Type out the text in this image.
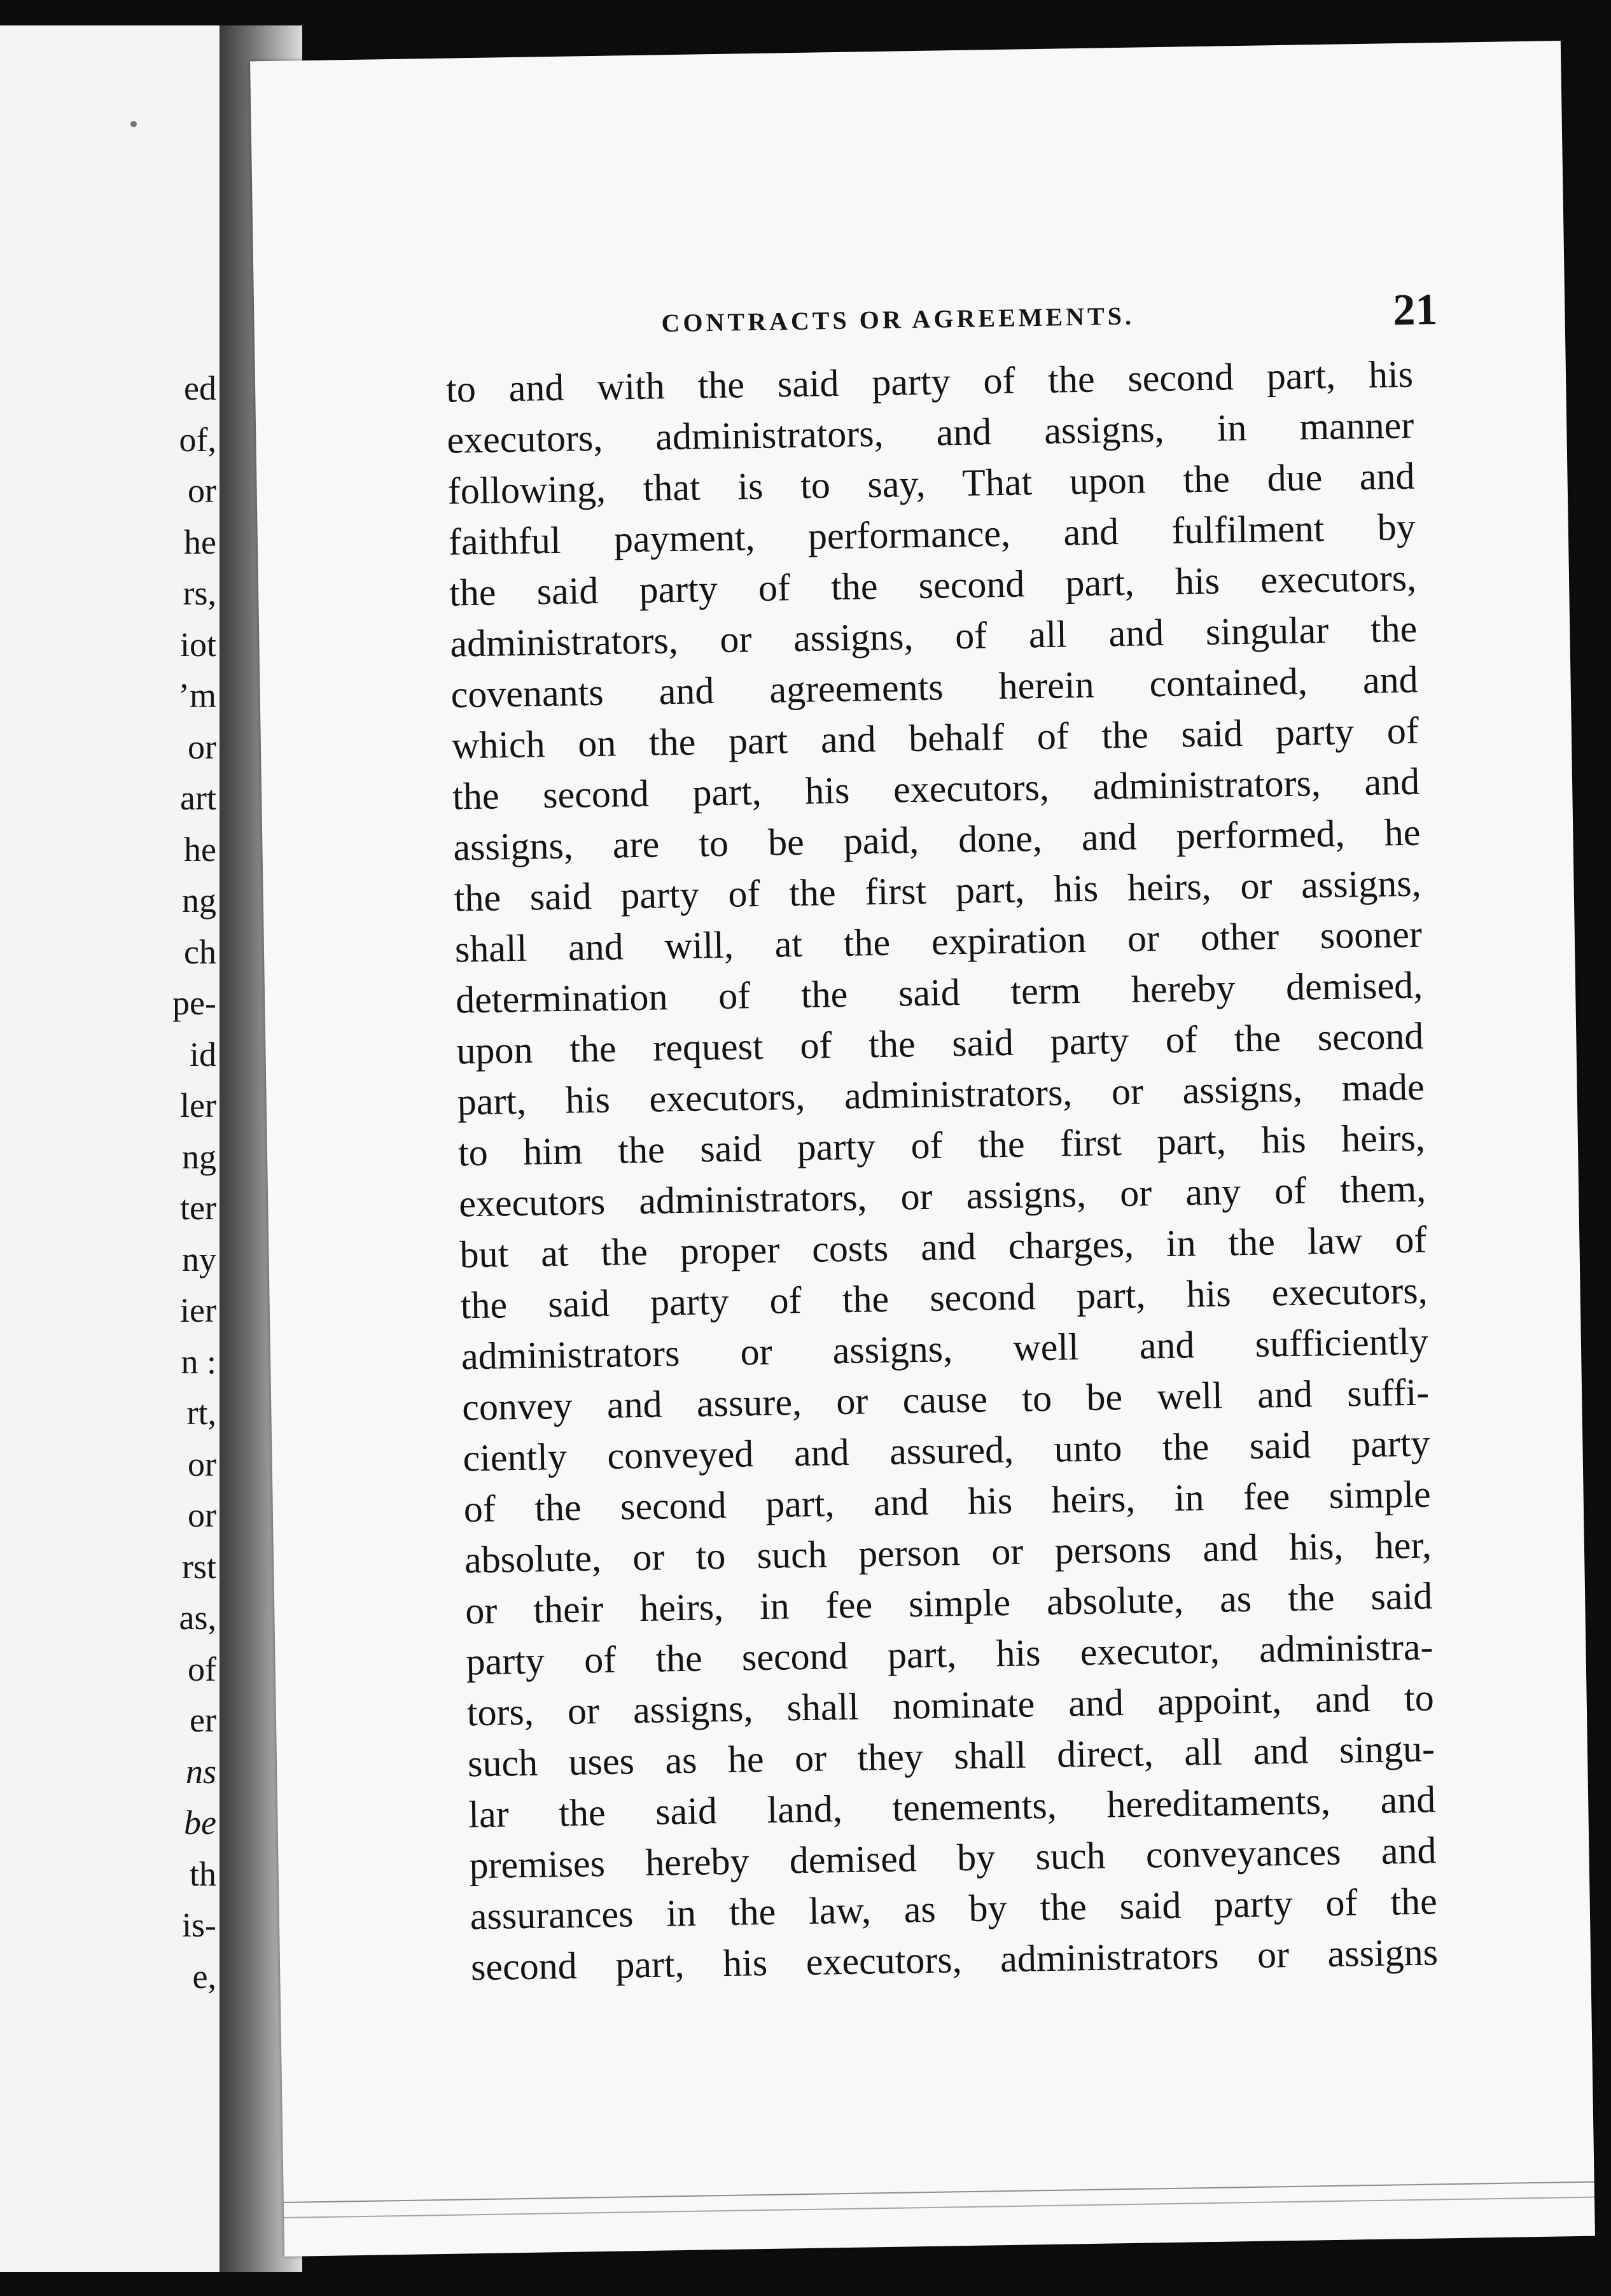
ed
of,
or
he
rs,
iot
’m
or
art
he
ng
ch
pe-
id
ler
ng
ter
ny
ier
n :
rt,
or
or
rst
as,
of
er
ns
be
th
is-
e,
CONTRACTS OR AGREEMENTS.	21
to and with the said party of the second part, his
executors, administrators, and assigns, in manner
following, that is to say, That upon the due and
faithful payment, performance, and fulfilment by
the said party of the second part, his executors,
administrators, or assigns, of all and singular the
covenants and agreements herein contained, and
which on the part and behalf of the said party of
the second part, his executors, administrators, and
assigns, are to be paid, done, and performed, he
the said party of the first part, his heirs, or assigns,
shall and will, at the expiration or other sooner
determination of the said term hereby demised,
upon the request of the said party of the second
part, his executors, administrators, or assigns, made
to him the said party of the first part, his heirs,
executors administrators, or assigns, or any of them,
but at the proper costs and charges, in the law of
the said party of the second part, his executors,
administrators or assigns, well and sufficiently
convey and assure, or cause to be well and suffi-
ciently conveyed and assured, unto the said party
of the second part, and his heirs, in fee simple
absolute, or to such person or persons and his, her,
or their heirs, in fee simple absolute, as the said
party of the second part, his executor, administra-
tors, or assigns, shall nominate and appoint, and to
such uses as he or they shall direct, all and singu-
lar the said land, tenements, hereditaments, and
premises hereby demised by such conveyances and
assurances in the law, as by the said party of the
second part, his executors, administrators or assigns
